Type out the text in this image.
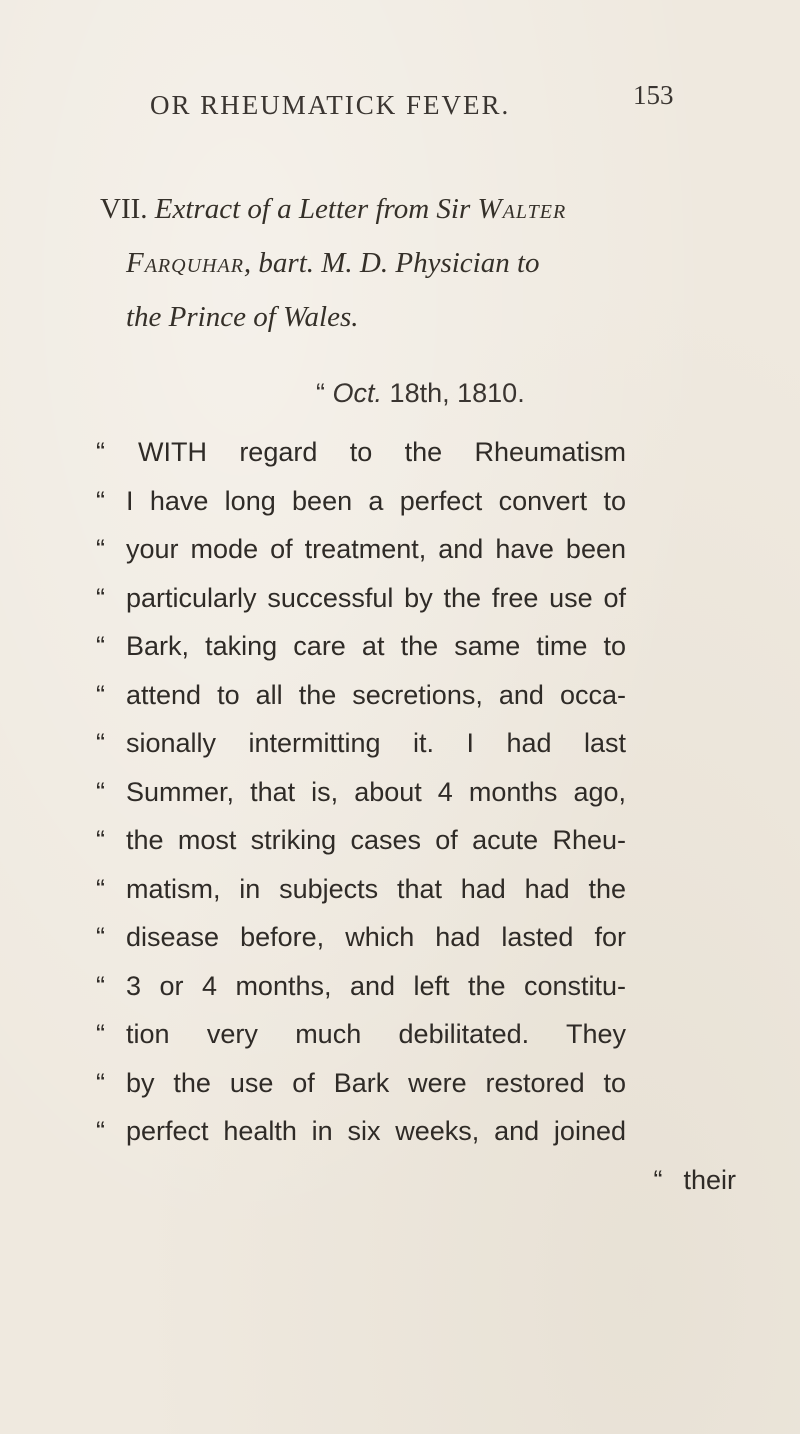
OR RHEUMATICK FEVER.	153
VII. Extract of a Letter from Sir Walter
Farquhar, bart. M. D. Physician to
the Prince of Wales.
“ Oct. 18th, 1810.
“	WITH regard to the Rheumatism
“ I have long been a perfect convert to
“ your mode of treatment, and have been
“ particularly successful by the free use of
“ Bark, taking care at the same time to
“ attend to all the secretions, and occa-
“ sionally intermitting it. I had last
“ Summer, that is, about 4 months ago,
“ the most striking cases of acute Rheu-
“ matism, in subjects that had had the
“ disease before, which had lasted for
“ 3 or 4 months, and left the constitu-
“ tion very much debilitated. They
“ by the use of Bark were restored to
“ perfect health in six weeks, and joined
“ their
